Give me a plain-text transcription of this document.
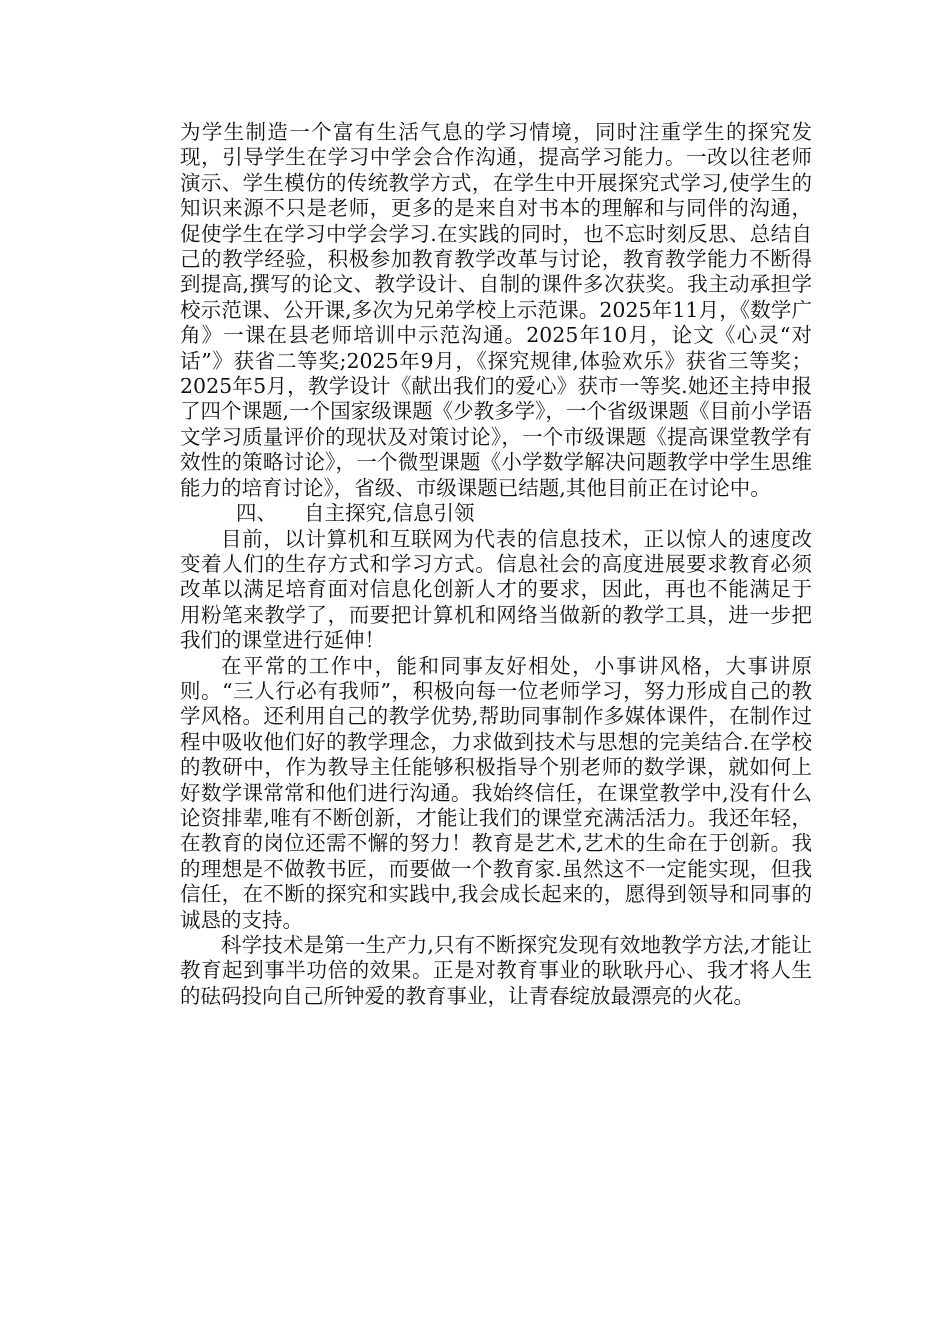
为学生制造一个富有生活气息的学习情境，同时注重学生的探究发现，引导学生在学习中学会合作沟通，提高学习能力。一改以往老师演示、学生模仿的传统教学方式，在学生中开展探究式学习,使学生的知识来源不只是老师，更多的是来自对书本的理解和与同伴的沟通，促使学生在学习中学会学习.在实践的同时，也不忘时刻反思、总结自己的教学经验，积极参加教育教学改革与讨论，教育教学能力不断得到提高,撰写的论文、教学设计、自制的课件多次获奖。我主动承担学校示范课、公开课,多次为兄弟学校上示范课。2025年11月，《数学广角》一课在县老师培训中示范沟通。2025年10月，论文《心灵“对话”》获省二等奖;2025年9月，《探究规律,体验欢乐》获省三等奖；2025年5月，教学设计《献出我们的爱心》获市一等奖.她还主持申报了四个课题,一个国家级课题《少教多学》，一个省级课题《目前小学语文学习质量评价的现状及对策讨论》，一个市级课题《提高课堂教学有效性的策略讨论》，一个微型课题《小学数学解决问题教学中学生思维能力的培育讨论》，省级、市级课题已结题,其他目前正在讨论中。

四、 自主探究,信息引领

目前，以计算机和互联网为代表的信息技术，正以惊人的速度改变着人们的生存方式和学习方式。信息社会的高度进展要求教育必须改革以满足培育面对信息化创新人才的要求，因此，再也不能满足于用粉笔来教学了，而要把计算机和网络当做新的教学工具，进一步把我们的课堂进行延伸！

在平常的工作中，能和同事友好相处，小事讲风格，大事讲原则。“三人行必有我师”，积极向每一位老师学习，努力形成自己的教学风格。还利用自己的教学优势,帮助同事制作多媒体课件，在制作过程中吸收他们好的教学理念，力求做到技术与思想的完美结合.在学校的教研中，作为教导主任能够积极指导个别老师的数学课，就如何上好数学课常常和他们进行沟通。我始终信任，在课堂教学中,没有什么论资排辈,唯有不断创新，才能让我们的课堂充满活活力。我还年轻，在教育的岗位还需不懈的努力！教育是艺术,艺术的生命在于创新。我的理想是不做教书匠，而要做一个教育家.虽然这不一定能实现，但我信任，在不断的探究和实践中,我会成长起来的，愿得到领导和同事的诚恳的支持。

科学技术是第一生产力,只有不断探究发现有效地教学方法,才能让教育起到事半功倍的效果。正是对教育事业的耿耿丹心、我才将人生的砝码投向自己所钟爱的教育事业，让青春绽放最漂亮的火花。
